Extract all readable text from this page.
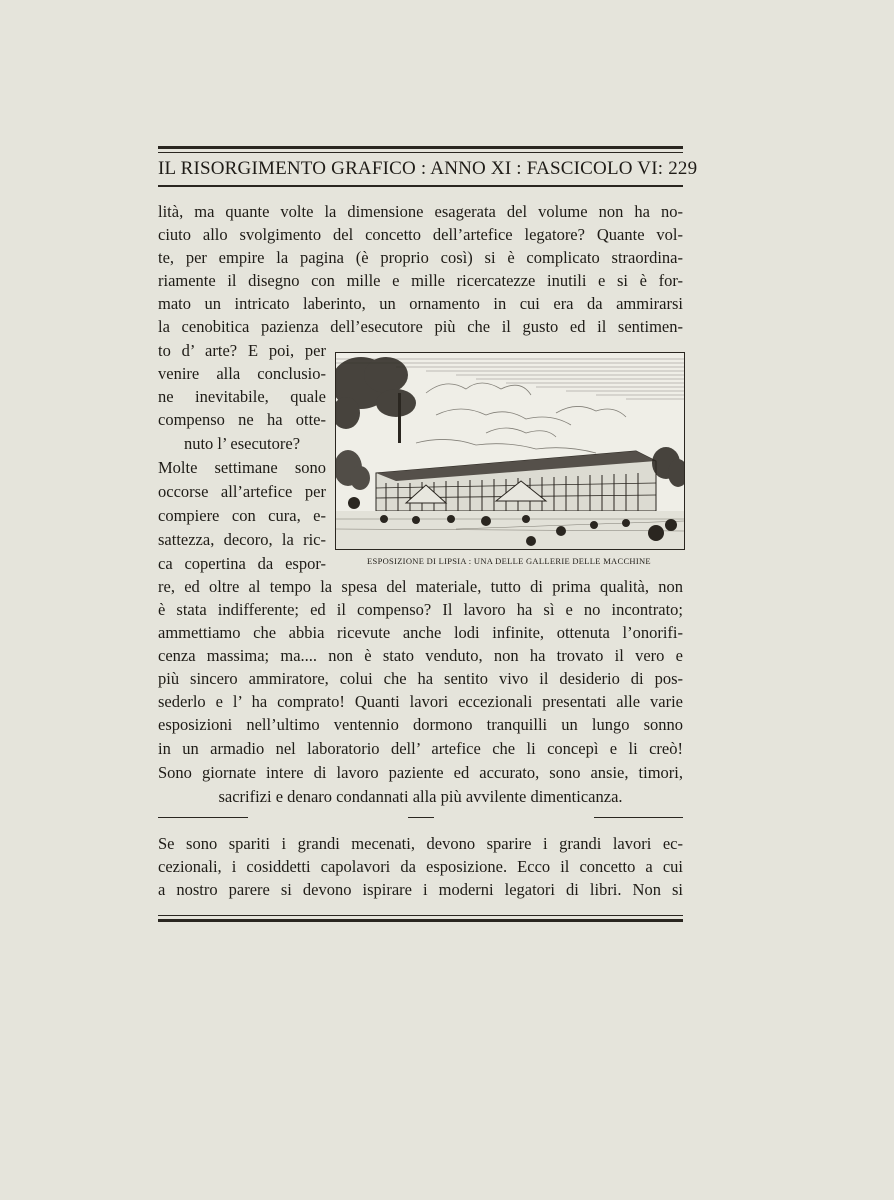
IL RISORGIMENTO GRAFICO : ANNO XI : FASCICOLO VI : 229
lità, ma quante volte la dimensione esagerata del volume non ha no-
ciuto allo svolgimento del concetto dell’artefice legatore? Quante vol-
te, per empire la pagina (è proprio così) si è complicato straordina-
riamente il disegno con mille e mille ricercatezze inutili e si è for-
mato un intricato laberinto, un ornamento in cui era da ammirarsi
la cenobitica pazienza dell’esecutore più che il gusto ed il sentimen-
to d’ arte? E poi, per
venire alla conclusio-
ne inevitabile, quale
compenso ne ha otte-
nuto l’ esecutore?
Molte settimane sono
occorse all’artefice per
compiere con cura, e-
sattezza, decoro, la ric-
ca copertina da espor-	ESPOSIZIONE DI LIPSIA : UNA DELLE GALLERIE DELLE MACCHINE
re, ed oltre al tempo la spesa del materiale, tutto di prima qualità, non
è stata indifferente; ed il compenso? Il lavoro ha sì e no incontrato;
ammettiamo che abbia ricevute anche lodi infinite, ottenuta l’onorifi-
cenza massima; ma.... non è stato venduto, non ha trovato il vero e
più sincero ammiratore, colui che ha sentito vivo il desiderio di pos-
sederlo e l’ ha comprato! Quanti lavori eccezionali presentati alle varie
esposizioni nell’ultimo ventennio dormono tranquilli un lungo sonno
in un armadio nel laboratorio dell’ artefice che li concepì e li creò!
Sono giornate intere di lavoro paziente ed accurato, sono ansie, timori,
sacrifizi e denaro condannati alla più avvilente dimenticanza.
Se sono spariti i grandi mecenati, devono sparire i grandi lavori ec-
cezionali, i cosiddetti capolavori da esposizione. Ecco il concetto a cui
a nostro parere si devono ispirare i moderni legatori di libri. Non si
